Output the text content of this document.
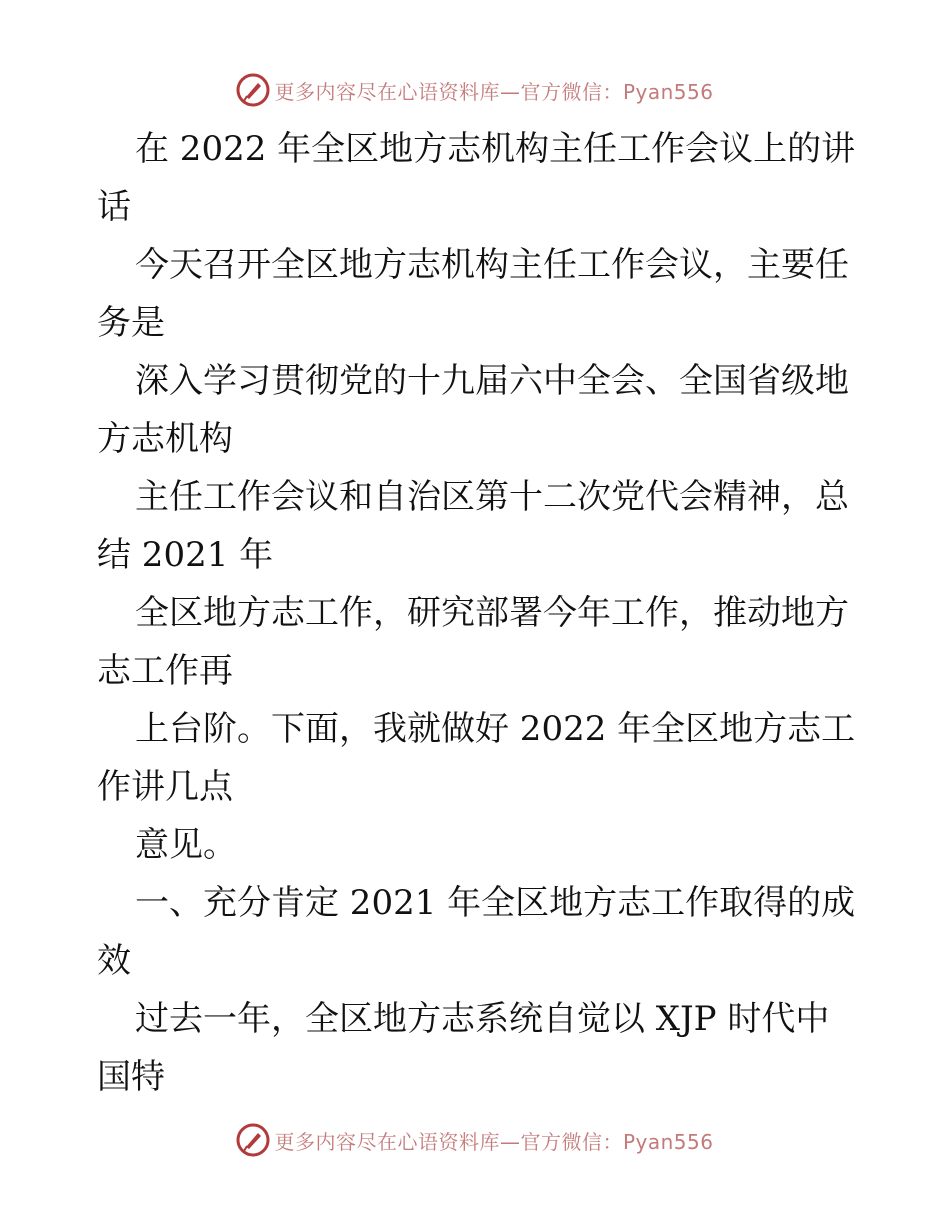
更多内容尽在心语资料库—官方微信：Pyan556

在 2022 年全区地方志机构主任工作会议上的讲

话

今天召开全区地方志机构主任工作会议，主要任

务是

深入学习贯彻党的十九届六中全会、全国省级地

方志机构

主任工作会议和自治区第十二次党代会精神，总

结 2021 年

全区地方志工作，研究部署今年工作，推动地方

志工作再

上台阶。下面，我就做好 2022 年全区地方志工

作讲几点

意见。

一、充分肯定 2021 年全区地方志工作取得的成

效

过去一年，全区地方志系统自觉以 XJP 时代中

国特

更多内容尽在心语资料库—官方微信：Pyan556
